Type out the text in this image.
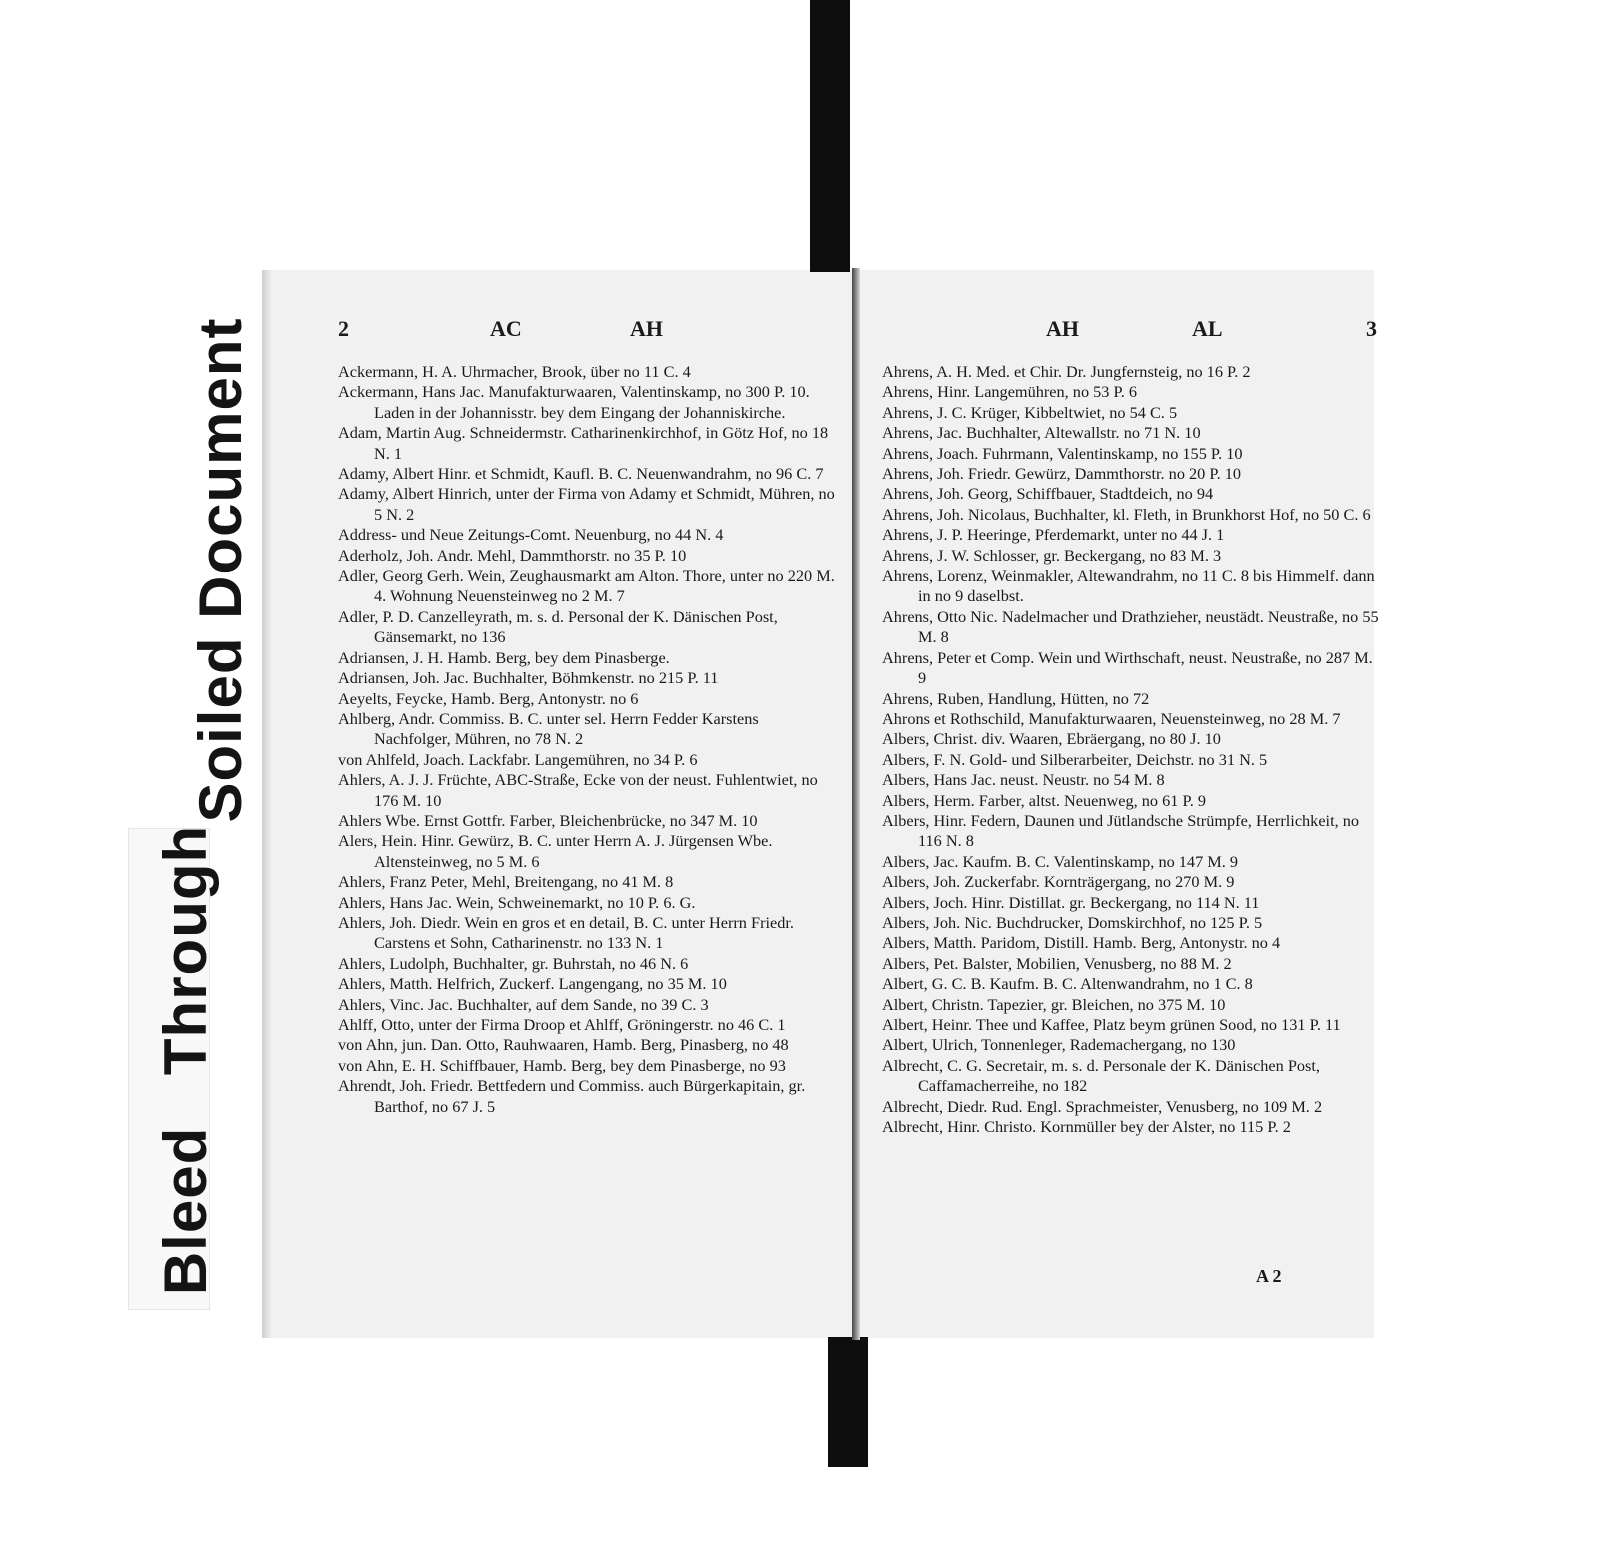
Soiled Document
Bleed Through
2	AC	AH
Ackermann, H. A. Uhrmacher, Brook, über no 11 C. 4
Ackermann, Hans Jac. Manufakturwaaren, Valentinskamp, no 300 P. 10. Laden in der Johannisstr. bey dem Eingang der Johanniskirche.
Adam, Martin Aug. Schneidermstr. Catharinenkirchhof, in Götz Hof, no 18 N. 1
Adamy, Albert Hinr. et Schmidt, Kaufl. B. C. Neuenwandrahm, no 96 C. 7
Adamy, Albert Hinrich, unter der Firma von Adamy et Schmidt, Mühren, no 5 N. 2
Address- und Neue Zeitungs-Comt. Neuenburg, no 44 N. 4
Aderholz, Joh. Andr. Mehl, Dammthorstr. no 35 P. 10
Adler, Georg Gerh. Wein, Zeughausmarkt am Alton. Thore, unter no 220 M. 4. Wohnung Neuensteinweg no 2 M. 7
Adler, P. D. Canzelleyrath, m. s. d. Personal der K. Dänischen Post, Gänsemarkt, no 136
Adriansen, J. H. Hamb. Berg, bey dem Pinasberge.
Adriansen, Joh. Jac. Buchhalter, Böhmkenstr. no 215 P. 11
Aeyelts, Feycke, Hamb. Berg, Antonystr. no 6
Ahlberg, Andr. Commiss. B. C. unter sel. Herrn Fedder Karstens Nachfolger, Mühren, no 78 N. 2
von Ahlfeld, Joach. Lackfabr. Langemühren, no 34 P. 6
Ahlers, A. J. J. Früchte, ABC-Straße, Ecke von der neust. Fuhlentwiet, no 176 M. 10
Ahlers Wbe. Ernst Gottfr. Farber, Bleichenbrücke, no 347 M. 10
Alers, Hein. Hinr. Gewürz, B. C. unter Herrn A. J. Jürgensen Wbe. Altensteinweg, no 5 M. 6
Ahlers, Franz Peter, Mehl, Breitengang, no 41 M. 8
Ahlers, Hans Jac. Wein, Schweinemarkt, no 10 P. 6. G.
Ahlers, Joh. Diedr. Wein en gros et en detail, B. C. unter Herrn Friedr. Carstens et Sohn, Catharinenstr. no 133 N. 1
Ahlers, Ludolph, Buchhalter, gr. Buhrstah, no 46 N. 6
Ahlers, Matth. Helfrich, Zuckerf. Langengang, no 35 M. 10
Ahlers, Vinc. Jac. Buchhalter, auf dem Sande, no 39 C. 3
Ahlff, Otto, unter der Firma Droop et Ahlff, Gröningerstr. no 46 C. 1
von Ahn, jun. Dan. Otto, Rauhwaaren, Hamb. Berg, Pinasberg, no 48
von Ahn, E. H. Schiffbauer, Hamb. Berg, bey dem Pinasberge, no 93
Ahrendt, Joh. Friedr. Bettfedern und Commiss. auch Bürgerkapitain, gr. Barthof, no 67 J. 5
AH	AL	3
Ahrens, A. H. Med. et Chir. Dr. Jungfernsteig, no 16 P. 2
Ahrens, Hinr. Langemühren, no 53 P. 6
Ahrens, J. C. Krüger, Kibbeltwiet, no 54 C. 5
Ahrens, Jac. Buchhalter, Altewallstr. no 71 N. 10
Ahrens, Joach. Fuhrmann, Valentinskamp, no 155 P. 10
Ahrens, Joh. Friedr. Gewürz, Dammthorstr. no 20 P. 10
Ahrens, Joh. Georg, Schiffbauer, Stadtdeich, no 94
Ahrens, Joh. Nicolaus, Buchhalter, kl. Fleth, in Brunkhorst Hof, no 50 C. 6
Ahrens, J. P. Heeringe, Pferdemarkt, unter no 44 J. 1
Ahrens, J. W. Schlosser, gr. Beckergang, no 83 M. 3
Ahrens, Lorenz, Weinmakler, Altewandrahm, no 11 C. 8 bis Himmelf. dann in no 9 daselbst.
Ahrens, Otto Nic. Nadelmacher und Drathzieher, neustädt. Neustraße, no 55 M. 8
Ahrens, Peter et Comp. Wein und Wirthschaft, neust. Neustraße, no 287 M. 9
Ahrens, Ruben, Handlung, Hütten, no 72
Ahrons et Rothschild, Manufakturwaaren, Neuensteinweg, no 28 M. 7
Albers, Christ. div. Waaren, Ebräergang, no 80 J. 10
Albers, F. N. Gold- und Silberarbeiter, Deichstr. no 31 N. 5
Albers, Hans Jac. neust. Neustr. no 54 M. 8
Albers, Herm. Farber, altst. Neuenweg, no 61 P. 9
Albers, Hinr. Federn, Daunen und Jütlandsche Strümpfe, Herrlichkeit, no 116 N. 8
Albers, Jac. Kaufm. B. C. Valentinskamp, no 147 M. 9
Albers, Joh. Zuckerfabr. Kornträgergang, no 270 M. 9
Albers, Joch. Hinr. Distillat. gr. Beckergang, no 114 N. 11
Albers, Joh. Nic. Buchdrucker, Domskirchhof, no 125 P. 5
Albers, Matth. Paridom, Distill. Hamb. Berg, Antonystr. no 4
Albers, Pet. Balster, Mobilien, Venusberg, no 88 M. 2
Albert, G. C. B. Kaufm. B. C. Altenwandrahm, no 1 C. 8
Albert, Christn. Tapezier, gr. Bleichen, no 375 M. 10
Albert, Heinr. Thee und Kaffee, Platz beym grünen Sood, no 131 P. 11
Albert, Ulrich, Tonnenleger, Rademachergang, no 130
Albrecht, C. G. Secretair, m. s. d. Personale der K. Dänischen Post, Caffamacherreihe, no 182
Albrecht, Diedr. Rud. Engl. Sprachmeister, Venusberg, no 109 M. 2
Albrecht, Hinr. Christo. Kornmüller bey der Alster, no 115 P. 2
A 2
